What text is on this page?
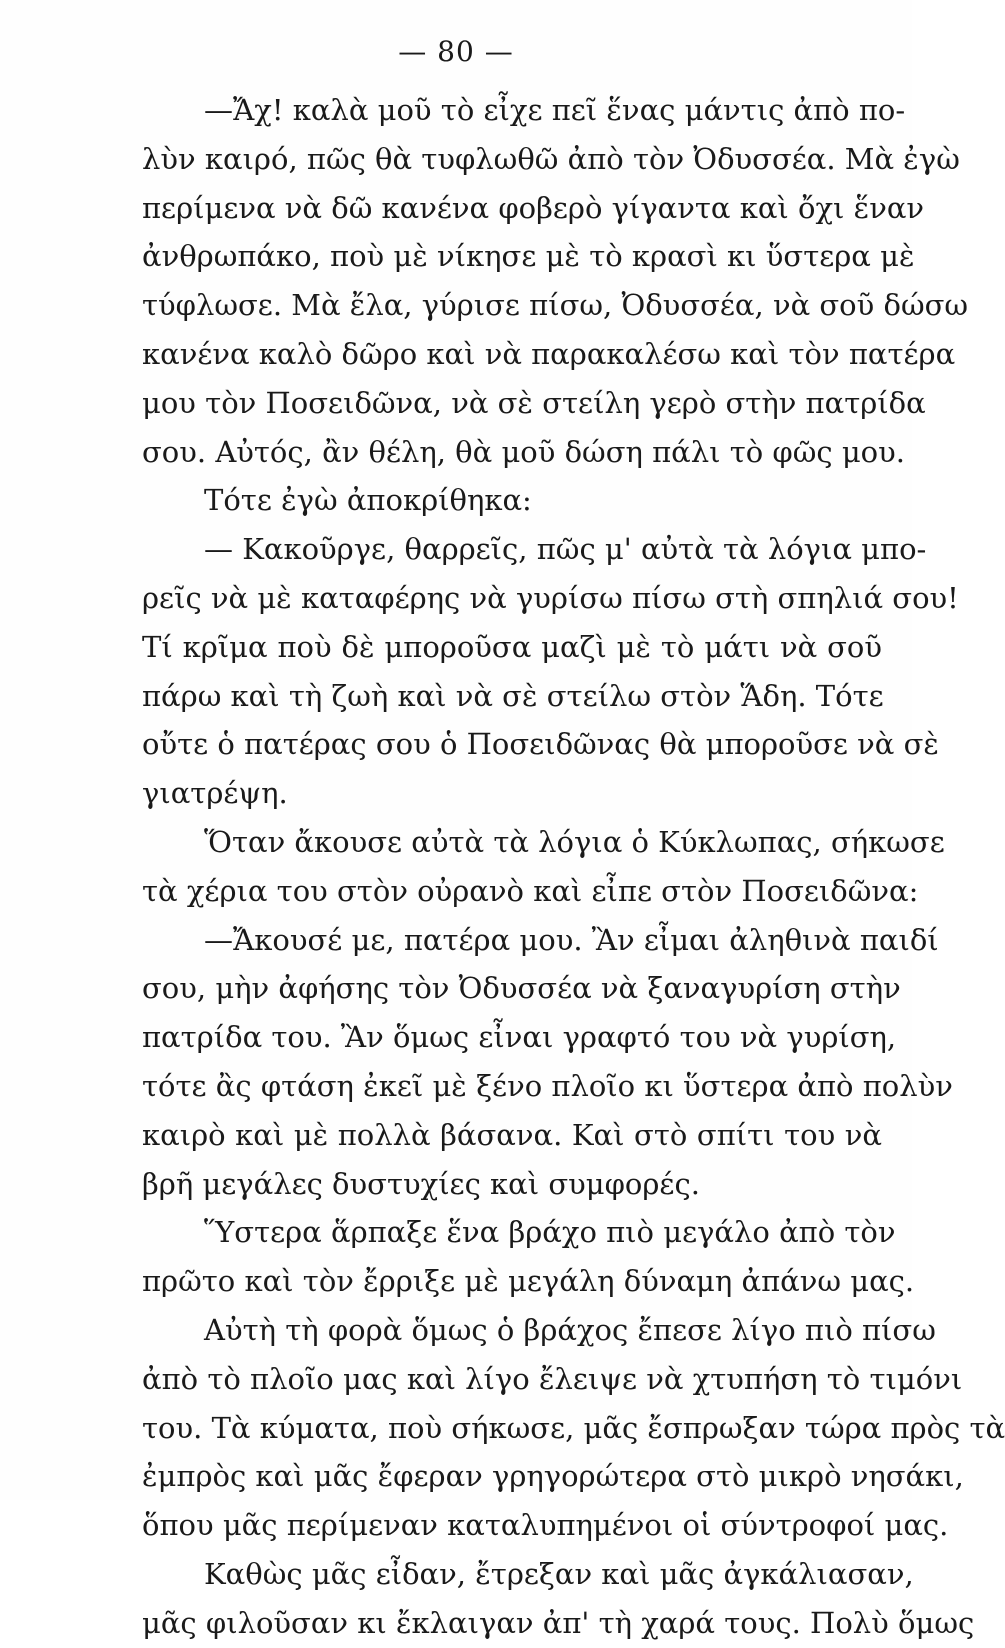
— 80 —
—Ἄχ! καλὰ μοῦ τὸ εἶχε πεῖ ἕνας μάντις ἀπὸ πο-
λὺν καιρό, πῶς θὰ τυφλωθῶ ἀπὸ τὸν Ὀδυσσέα. Μὰ ἐγὼ
περίμενα νὰ δῶ κανένα φοβερὸ γίγαντα καὶ ὄχι ἕναν
ἀνθρωπάκο, ποὺ μὲ νίκησε μὲ τὸ κρασὶ κι ὕστερα μὲ
τύφλωσε. Μὰ ἔλα, γύρισε πίσω, Ὀδυσσέα, νὰ σοῦ δώσω
κανένα καλὸ δῶρο καὶ νὰ παρακαλέσω καὶ τὸν πατέρα
μου τὸν Ποσειδῶνα, νὰ σὲ στείλη γερὸ στὴν πατρίδα
σου. Αὐτός, ἂν θέλη, θὰ μοῦ δώση πάλι τὸ φῶς μου.
Τότε ἐγὼ ἀποκρίθηκα:
— Κακοῦργε, θαρρεῖς, πῶς μ' αὐτὰ τὰ λόγια μπο-
ρεῖς νὰ μὲ καταφέρης νὰ γυρίσω πίσω στὴ σπηλιά σου!
Τί κρῖμα ποὺ δὲ μποροῦσα μαζὶ μὲ τὸ μάτι νὰ σοῦ
πάρω καὶ τὴ ζωὴ καὶ νὰ σὲ στείλω στὸν Ἅδη. Τότε
οὔτε ὁ πατέρας σου ὁ Ποσειδῶνας θὰ μποροῦσε νὰ σὲ
γιατρέψη.
Ὅταν ἄκουσε αὐτὰ τὰ λόγια ὁ Κύκλωπας, σήκωσε
τὰ χέρια του στὸν οὐρανὸ καὶ εἶπε στὸν Ποσειδῶνα:
—Ἄκουσέ με, πατέρα μου. Ἂν εἶμαι ἀληθινὰ παιδί
σου, μὴν ἀφήσης τὸν Ὀδυσσέα νὰ ξαναγυρίση στὴν
πατρίδα του. Ἂν ὅμως εἶναι γραφτό του νὰ γυρίση,
τότε ἂς φτάση ἐκεῖ μὲ ξένο πλοῖο κι ὕστερα ἀπὸ πολὺν
καιρὸ καὶ μὲ πολλὰ βάσανα. Καὶ στὸ σπίτι του νὰ
βρῆ μεγάλες δυστυχίες καὶ συμφορές.
Ὕστερα ἅρπαξε ἕνα βράχο πιὸ μεγάλο ἀπὸ τὸν
πρῶτο καὶ τὸν ἔρριξε μὲ μεγάλη δύναμη ἀπάνω μας.
Αὐτὴ τὴ φορὰ ὅμως ὁ βράχος ἔπεσε λίγο πιὸ πίσω
ἀπὸ τὸ πλοῖο μας καὶ λίγο ἔλειψε νὰ χτυπήση τὸ τιμόνι
του. Τὰ κύματα, ποὺ σήκωσε, μᾶς ἔσπρωξαν τώρα πρὸς τὰ
ἐμπρὸς καὶ μᾶς ἔφεραν γρηγορώτερα στὸ μικρὸ νησάκι,
ὅπου μᾶς περίμεναν καταλυπημένοι οἱ σύντροφοί μας.
Καθὼς μᾶς εἶδαν, ἔτρεξαν καὶ μᾶς ἀγκάλιασαν,
μᾶς φιλοῦσαν κι ἔκλαιγαν ἀπ' τὴ χαρά τους. Πολὺ ὅμως
